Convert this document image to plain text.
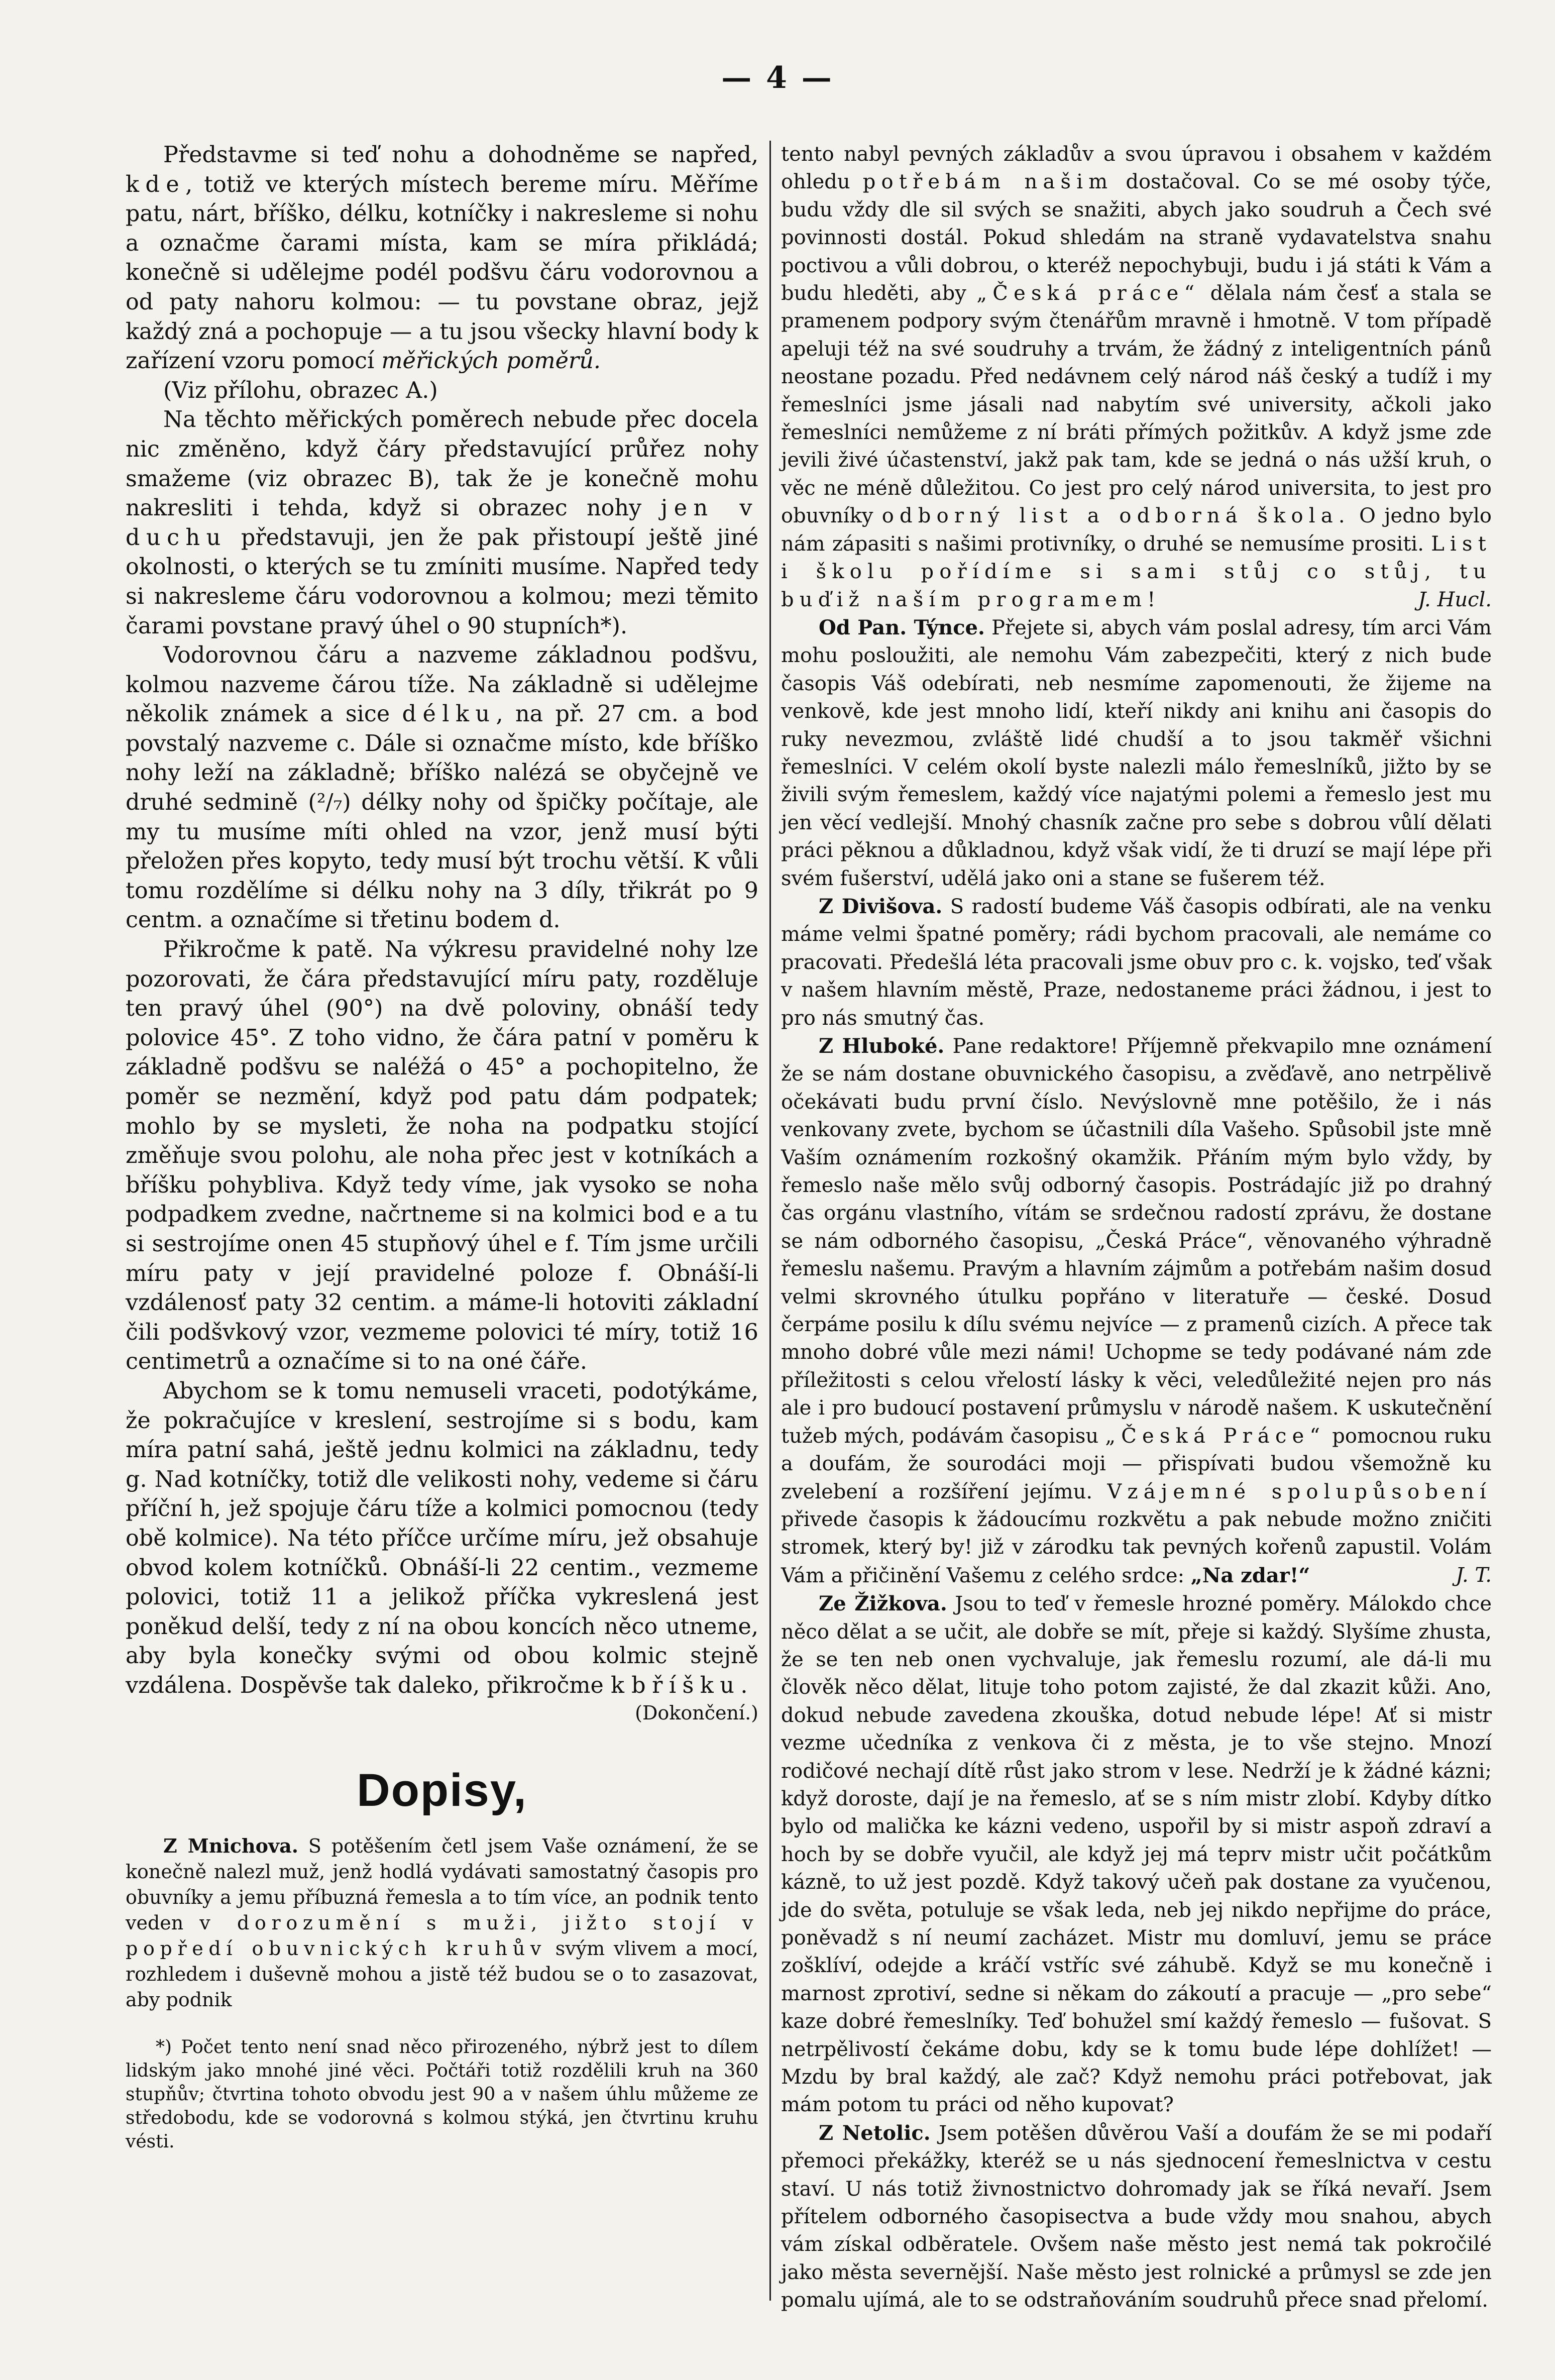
— 4 —

Představme si teď nohu a dohodněme se napřed, kde, totiž ve kterých místech bereme míru. Měříme patu, nárt, bříško, délku, kotníčky i nakresleme si nohu a označme čarami místa, kam se míra přikládá; konečně si udělejme podél podšvu čáru vodorovnou a od paty nahoru kolmou: — tu povstane obraz, jejž každý zná a pochopuje — a tu jsou všecky hlavní body k zařízení vzoru pomocí měřických poměrů.

(Viz přílohu, obrazec A.)

Na těchto měřických poměrech nebude přec docela nic změněno, když čáry představující průřez nohy smažeme (viz obrazec B), tak že je konečně mohu nakresliti i tehda, když si obrazec nohy jen v duchu představuji, jen že pak přistoupí ještě jiné okolnosti, o kterých se tu zmíniti musíme. Napřed tedy si nakresleme čáru vodorovnou a kolmou; mezi těmito čarami povstane pravý úhel o 90 stupních*).

Vodorovnou čáru a nazveme základnou podšvu, kolmou nazveme čárou tíže. Na základně si udělejme několik známek a sice délku, na př. 27 cm. a bod povstalý nazveme c. Dále si označme místo, kde bříško nohy leží na základně; bříško nalézá se obyčejně ve druhé sedmině (²/₇) délky nohy od špičky počítaje, ale my tu musíme míti ohled na vzor, jenž musí býti přeložen přes kopyto, tedy musí být trochu větší. K vůli tomu rozdělíme si délku nohy na 3 díly, třikrát po 9 centm. a označíme si třetinu bodem d.

Přikročme k patě. Na výkresu pravidelné nohy lze pozorovati, že čára představující míru paty, rozděluje ten pravý úhel (90°) na dvě poloviny, obnáší tedy polovice 45°. Z toho vidno, že čára patní v poměru k základně podšvu se naléžá o 45° a pochopitelno, že poměr se nezmění, když pod patu dám podpatek; mohlo by se mysleti, že noha na podpatku stojící změňuje svou polohu, ale noha přec jest v kotníkách a bříšku pohybliva. Když tedy víme, jak vysoko se noha podpadkem zvedne, načrtneme si na kolmici bod e a tu si sestrojíme onen 45 stupňový úhel e f. Tím jsme určili míru paty v její pravidelné poloze f. Obnáší-li vzdálenosť paty 32 centim. a máme-li hotoviti základní čili podšvkový vzor, vezmeme polovici té míry, totiž 16 centimetrů a označíme si to na oné čáře.

Abychom se k tomu nemuseli vraceti, podotýkáme, že pokračujíce v kreslení, sestrojíme si s bodu, kam míra patní sahá, ještě jednu kolmici na základnu, tedy g. Nad kotníčky, totiž dle velikosti nohy, vedeme si čáru příční h, jež spojuje čáru tíže a kolmici pomocnou (tedy obě kolmice). Na této příčce určíme míru, jež obsahuje obvod kolem kotníčků. Obnáší-li 22 centim., vezmeme polovici, totiž 11 a jelikož příčka vykreslená jest poněkud delší, tedy z ní na obou koncích něco utneme, aby byla konečky svými od obou kolmic stejně vzdálena. Dospěvše tak daleko, přikročme k bříšku.
(Dokončení.)

Dopisy,

Z Mnichova. S potěšením četl jsem Vaše oznámení, že se konečně nalezl muž, jenž hodlá vydávati samostatný časopis pro obuvníky a jemu příbuzná řemesla a to tím více, an podnik tento veden v dorozumění s muži, jižto stojí v popředí obuvnických kruhův svým vlivem a mocí, rozhledem i duševně mohou a jistě též budou se o to zasazovat, aby podnik

*) Počet tento není snad něco přirozeného, nýbrž jest to dílem lidským jako mnohé jiné věci. Počtáři totiž rozdělili kruh na 360 stupňův; čtvrtina tohoto obvodu jest 90 a v našem úhlu můžeme ze středobodu, kde se vodorovná s kolmou stýká, jen čtvrtinu kruhu vésti.

tento nabyl pevných základův a svou úpravou i obsahem v každém ohledu potřebám našim dostačoval. Co se mé osoby týče, budu vždy dle sil svých se snažiti, abych jako soudruh a Čech své povinnosti dostál. Pokud shledám na straně vydavatelstva snahu poctivou a vůli dobrou, o kteréž nepochybuji, budu i já státi k Vám a budu hleděti, aby „Česká práce“ dělala nám česť a stala se pramenem podpory svým čtenářům mravně i hmotně. V tom případě apeluji též na své soudruhy a trvám, že žádný z inteligentních pánů neostane pozadu. Před nedávnem celý národ náš český a tudíž i my řemeslníci jsme jásali nad nabytím své university, ačkoli jako řemeslníci nemůžeme z ní bráti přímých požitkův. A když jsme zde jevili živé účastenství, jakž pak tam, kde se jedná o nás užší kruh, o věc ne méně důležitou. Co jest pro celý národ universita, to jest pro obuvníky odborný list a odborná škola. O jedno bylo nám zápasiti s našimi protivníky, o druhé se nemusíme prositi. List i školu pořídíme si sami stůj co stůj, tu buďiž naším programem!	J. Hucl.

Od Pan. Týnce. Přejete si, abych vám poslal adresy, tím arci Vám mohu posloužiti, ale nemohu Vám zabezpečiti, který z nich bude časopis Váš odebírati, neb nesmíme zapomenouti, že žijeme na venkově, kde jest mnoho lidí, kteří nikdy ani knihu ani časopis do ruky nevezmou, zvláště lidé chudší a to jsou takměř všichni řemeslníci. V celém okolí byste nalezli málo řemeslníků, jižto by se živili svým řemeslem, každý více najatými polemi a řemeslo jest mu jen věcí vedlejší. Mnohý chasník začne pro sebe s dobrou vůlí dělati práci pěknou a důkladnou, když však vidí, že ti druzí se mají lépe při svém fušerství, udělá jako oni a stane se fušerem též.

Z Divišova. S radostí budeme Váš časopis odbírati, ale na venku máme velmi špatné poměry; rádi bychom pracovali, ale nemáme co pracovati. Předešlá léta pracovali jsme obuv pro c. k. vojsko, teď však v našem hlavním městě, Praze, nedostaneme práci žádnou, i jest to pro nás smutný čas.

Z Hluboké. Pane redaktore! Příjemně překvapilo mne oznámení že se nám dostane obuvnického časopisu, a zvěďavě, ano netrpělivě očekávati budu první číslo. Nevýslovně mne potěšilo, že i nás venkovany zvete, bychom se účastnili díla Vašeho. Spůsobil jste mně Vaším oznámením rozkošný okamžik. Přáním mým bylo vždy, by řemeslo naše mělo svůj odborný časopis. Postrádajíc již po drahný čas orgánu vlastního, vítám se srdečnou radostí zprávu, že dostane se nám odborného časopisu, „Česká Práce“, věnovaného výhradně řemeslu našemu. Pravým a hlavním zájmům a potřebám našim dosud velmi skrovného útulku popřáno v literatuře — české. Dosud čerpáme posilu k dílu svému nejvíce — z pramenů cizích. A přece tak mnoho dobré vůle mezi námi! Uchopme se tedy podávané nám zde příležitosti s celou vřelostí lásky k věci, veledůležité nejen pro nás ale i pro budoucí postavení průmyslu v národě našem. K uskutečnění tužeb mých, podávám časopisu „Česká Práce“ pomocnou ruku a doufám, že sourodáci moji — přispívati budou všemožně ku zvelebení a rozšíření jejímu. Vzájemné spolupůsobení přivede časopis k žádoucímu rozkvětu a pak nebude možno zničiti stromek, který by! již v zárodku tak pevných kořenů zapustil. Volám Vám a přičinění Vašemu z celého srdce: „Na zdar!“	J. T.

Ze Žižkova. Jsou to teď v řemesle hrozné poměry. Málokdo chce něco dělat a se učit, ale dobře se mít, přeje si každý. Slyšíme zhusta, že se ten neb onen vychvaluje, jak řemeslu rozumí, ale dá-li mu člověk něco dělat, lituje toho potom zajisté, že dal zkazit kůži. Ano, dokud nebude zavedena zkouška, dotud nebude lépe! Ať si mistr vezme učedníka z venkova či z města, je to vše stejno. Mnozí rodičové nechají dítě růst jako strom v lese. Nedrží je k žádné kázni; když doroste, dají je na řemeslo, ať se s ním mistr zlobí. Kdyby dítko bylo od malička ke kázni vedeno, uspořil by si mistr aspoň zdraví a hoch by se dobře vyučil, ale když jej má teprv mistr učit počátkům kázně, to už jest pozdě. Když takový učeň pak dostane za vyučenou, jde do světa, potuluje se však leda, neb jej nikdo nepřijme do práce, poněvadž s ní neumí zacházet. Mistr mu domluví, jemu se práce zošklíví, odejde a kráčí vstříc své záhubě. Když se mu konečně i marnost zprotiví, sedne si někam do zákoutí a pracuje — „pro sebe“ kaze dobré řemeslníky. Teď bohužel smí každý řemeslo — fušovat. S netrpělivostí čekáme dobu, kdy se k tomu bude lépe dohlížet! — Mzdu by bral každý, ale zač? Když nemohu práci potřebovat, jak mám potom tu práci od něho kupovat?

Z Netolic. Jsem potěšen důvěrou Vaší a doufám že se mi podaří přemoci překážky, kteréž se u nás sjednocení řemeslnictva v cestu staví. U nás totiž živnostnictvo dohromady jak se říká nevaří. Jsem přítelem odborného časopisectva a bude vždy mou snahou, abych vám získal odběratele. Ovšem naše město jest nemá tak pokročilé jako města severnější. Naše město jest rolnické a průmysl se zde jen pomalu ujímá, ale to se odstraňováním soudruhů přece snad přelomí.
